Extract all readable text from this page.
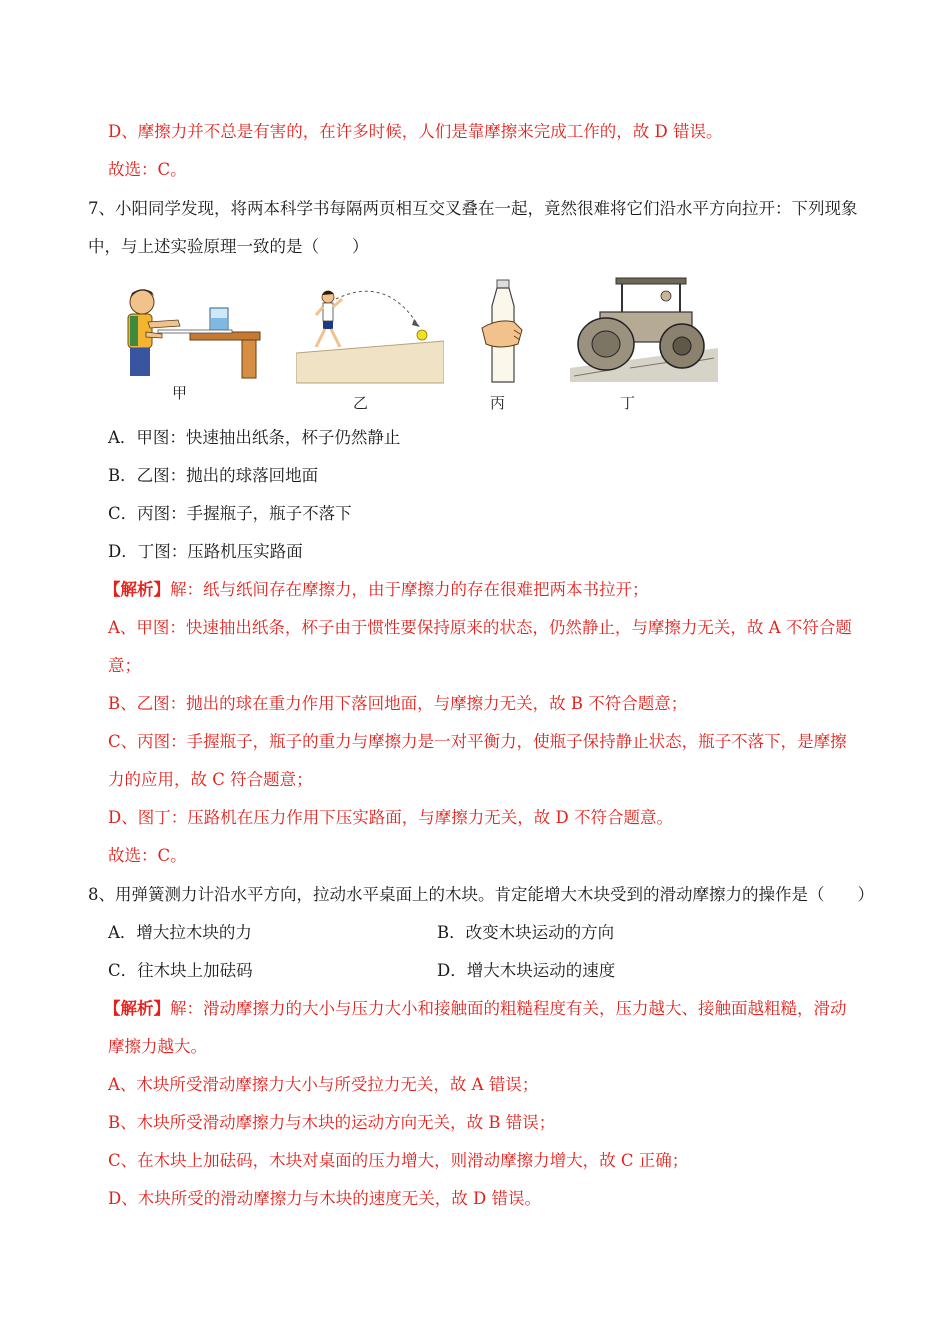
D、摩擦力并不总是有害的，在许多时候，人们是靠摩擦来完成工作的，故 D 错误。
故选：C。
7、小阳同学发现，将两本科学书每隔两页相互交叉叠在一起，竟然很难将它们沿水平方向拉开：下列现象
中，与上述实验原理一致的是（　　）
甲
乙	丙	丁
A．甲图：快速抽出纸条，杯子仍然静止
B．乙图：抛出的球落回地面
C．丙图：手握瓶子，瓶子不落下
D．丁图：压路机压实路面
【解析】解：纸与纸间存在摩擦力，由于摩擦力的存在很难把两本书拉开；
A、甲图：快速抽出纸条，杯子由于惯性要保持原来的状态，仍然静止，与摩擦力无关，故 A 不符合题
意；
B、乙图：抛出的球在重力作用下落回地面，与摩擦力无关，故 B 不符合题意；
C、丙图：手握瓶子，瓶子的重力与摩擦力是一对平衡力，使瓶子保持静止状态，瓶子不落下，是摩擦
力的应用，故 C 符合题意；
D、图丁：压路机在压力作用下压实路面，与摩擦力无关，故 D 不符合题意。
故选：C。
8、用弹簧测力计沿水平方向，拉动水平桌面上的木块。肯定能增大木块受到的滑动摩擦力的操作是（　　）
A．增大拉木块的力	B．改变木块运动的方向
C．往木块上加砝码	D．增大木块运动的速度
【解析】解：滑动摩擦力的大小与压力大小和接触面的粗糙程度有关，压力越大、接触面越粗糙，滑动
摩擦力越大。
A、木块所受滑动摩擦力大小与所受拉力无关，故 A 错误；
B、木块所受滑动摩擦力与木块的运动方向无关，故 B 错误；
C、在木块上加砝码，木块对桌面的压力增大，则滑动摩擦力增大，故 C 正确；
D、木块所受的滑动摩擦力与木块的速度无关，故 D 错误。
